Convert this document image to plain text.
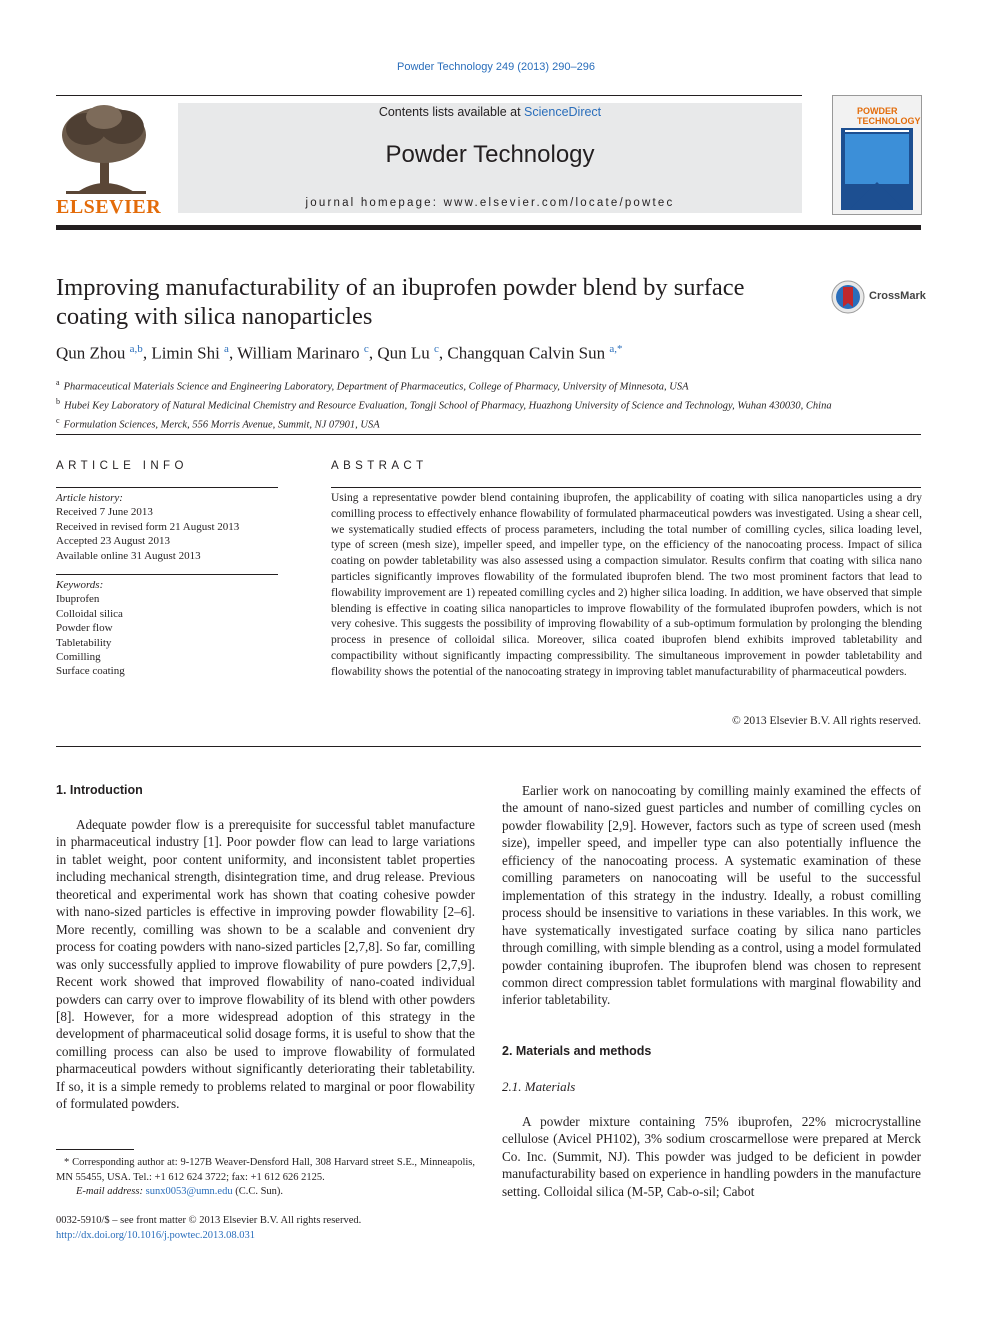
Powder Technology 249 (2013) 290–296
ELSEVIER
Contents lists available at ScienceDirect
Powder Technology
journal homepage: www.elsevier.com/locate/powtec
POWDER TECHNOLOGY
Improving manufacturability of an ibuprofen powder blend by surface coating with silica nanoparticles
CrossMark
Qun Zhou $^{a,b}$, Limin Shi $^a$, William Marinaro $^c$, Qun Lu $^c$, Changquan Calvin Sun $^{a,*}$
$^a$ Pharmaceutical Materials Science and Engineering Laboratory, Department of Pharmaceutics, College of Pharmacy, University of Minnesota, USA
$^b$ Hubei Key Laboratory of Natural Medicinal Chemistry and Resource Evaluation, Tongji School of Pharmacy, Huazhong University of Science and Technology, Wuhan 430030, China
$^c$ Formulation Sciences, Merck, 556 Morris Avenue, Summit, NJ 07901, USA
ARTICLE INFO
Article history:
Received 7 June 2013
Received in revised form 21 August 2013
Accepted 23 August 2013
Available online 31 August 2013
Keywords:
Ibuprofen
Colloidal silica
Powder flow
Tabletability
Comilling
Surface coating
ABSTRACT
Using a representative powder blend containing ibuprofen, the applicability of coating with silica nanoparticles using a dry comilling process to effectively enhance flowability of formulated pharmaceutical powders was investigated. Using a shear cell, we systematically studied effects of process parameters, including the total number of comilling cycles, silica loading level, type of screen (mesh size), impeller speed, and impeller type, on the efficiency of the nanocoating process. Impact of silica coating on powder tabletability was also assessed using a compaction simulator. Results confirm that coating with silica nano particles significantly improves flowability of the formulated ibuprofen blend. The two most prominent factors that lead to flowability improvement are 1) repeated comilling cycles and 2) higher silica loading. In addition, we have observed that simple blending is effective in coating silica nanoparticles to improve flowability of the formulated ibuprofen powders, which is not very cohesive. This suggests the possibility of improving flowability of a sub-optimum formulation by prolonging the blending process in presence of colloidal silica. Moreover, silica coated ibuprofen blend exhibits improved tabletability and compactibility without significantly impacting compressibility. The simultaneous improvement in powder tabletability and flowability shows the potential of the nanocoating strategy in improving tablet manufacturability of pharmaceutical powders.
© 2013 Elsevier B.V. All rights reserved.
1. Introduction
Adequate powder flow is a prerequisite for successful tablet manufacture in pharmaceutical industry [1]. Poor powder flow can lead to large variations in tablet weight, poor content uniformity, and inconsistent tablet properties including mechanical strength, disintegration time, and drug release. Previous theoretical and experimental work has shown that coating cohesive powder with nano-sized particles is effective in improving powder flowability [2–6]. More recently, comilling was shown to be a scalable and convenient dry process for coating powders with nano-sized particles [2,7,8]. So far, comilling was only successfully applied to improve flowability of pure powders [2,7,9]. Recent work showed that improved flowability of nano-coated individual powders can carry over to improve flowability of its blend with other powders [8]. However, for a more widespread adoption of this strategy in the development of pharmaceutical solid dosage forms, it is useful to show that the comilling process can also be used to improve flowability of formulated pharmaceutical powders without significantly deteriorating their tabletability. If so, it is a simple remedy to problems related to marginal or poor flowability of formulated powders.
* Corresponding author at: 9-127B Weaver-Densford Hall, 308 Harvard street S.E., Minneapolis, MN 55455, USA. Tel.: +1 612 624 3722; fax: +1 612 626 2125.
E-mail address: sunx0053@umn.edu (C.C. Sun).
0032-5910/$ – see front matter © 2013 Elsevier B.V. All rights reserved.
http://dx.doi.org/10.1016/j.powtec.2013.08.031
Earlier work on nanocoating by comilling mainly examined the effects of the amount of nano-sized guest particles and number of comilling cycles on powder flowability [2,9]. However, factors such as type of screen used (mesh size), impeller speed, and impeller type can also potentially influence the efficiency of the nanocoating process. A systematic examination of these comilling parameters on nanocoating will be useful to the successful implementation of this strategy in the industry. Ideally, a robust comilling process should be insensitive to variations in these variables. In this work, we have systematically investigated surface coating by silica nano particles through comilling, with simple blending as a control, using a model formulated powder containing ibuprofen. The ibuprofen blend was chosen to represent common direct compression tablet formulations with marginal flowability and inferior tabletability.
2. Materials and methods
2.1. Materials
A powder mixture containing 75% ibuprofen, 22% microcrystalline cellulose (Avicel PH102), 3% sodium croscarmellose were prepared at Merck Co. Inc. (Summit, NJ). This powder was judged to be deficient in powder manufacturability based on experience in handling powders in the manufacture setting. Colloidal silica (M-5P, Cab-o-sil; Cabot
